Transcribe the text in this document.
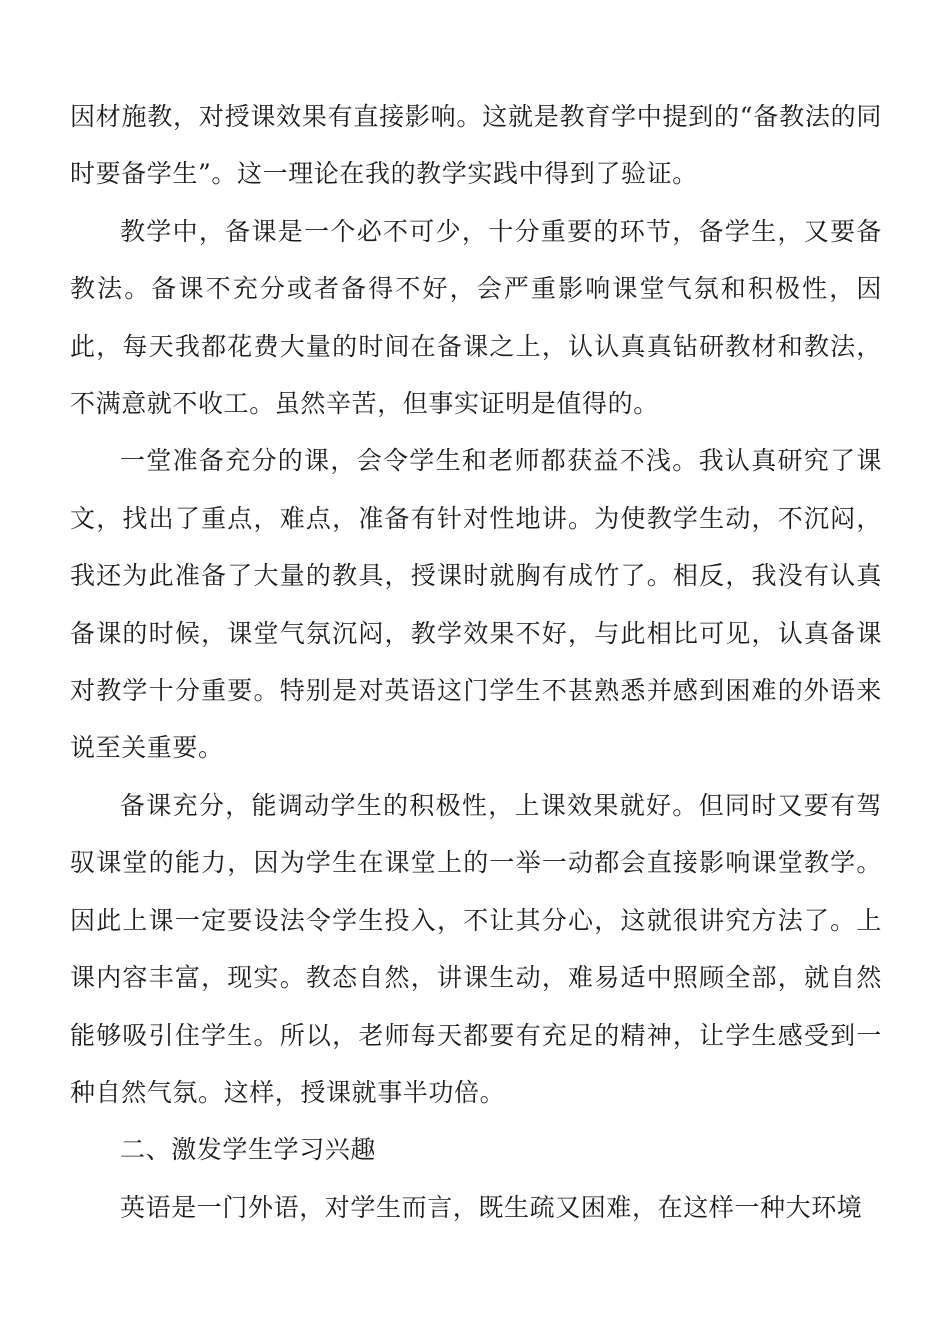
因材施教，对授课效果有直接影响。这就是教育学中提到的“备教法的同时要备学生”。这一理论在我的教学实践中得到了验证。

教学中，备课是一个必不可少，十分重要的环节，备学生，又要备教法。备课不充分或者备得不好，会严重影响课堂气氛和积极性，因此，每天我都花费大量的时间在备课之上，认认真真钻研教材和教法，不满意就不收工。虽然辛苦，但事实证明是值得的。

一堂准备充分的课，会令学生和老师都获益不浅。我认真研究了课文，找出了重点，难点，准备有针对性地讲。为使教学生动，不沉闷，我还为此准备了大量的教具，授课时就胸有成竹了。相反，我没有认真备课的时候，课堂气氛沉闷，教学效果不好，与此相比可见，认真备课对教学十分重要。特别是对英语这门学生不甚熟悉并感到困难的外语来说至关重要。

备课充分，能调动学生的积极性，上课效果就好。但同时又要有驾驭课堂的能力，因为学生在课堂上的一举一动都会直接影响课堂教学。因此上课一定要设法令学生投入，不让其分心，这就很讲究方法了。上课内容丰富，现实。教态自然，讲课生动，难易适中照顾全部，就自然能够吸引住学生。所以，老师每天都要有充足的精神，让学生感受到一种自然气氛。这样，授课就事半功倍。

二、激发学生学习兴趣

英语是一门外语，对学生而言，既生疏又困难，在这样一种大环境
